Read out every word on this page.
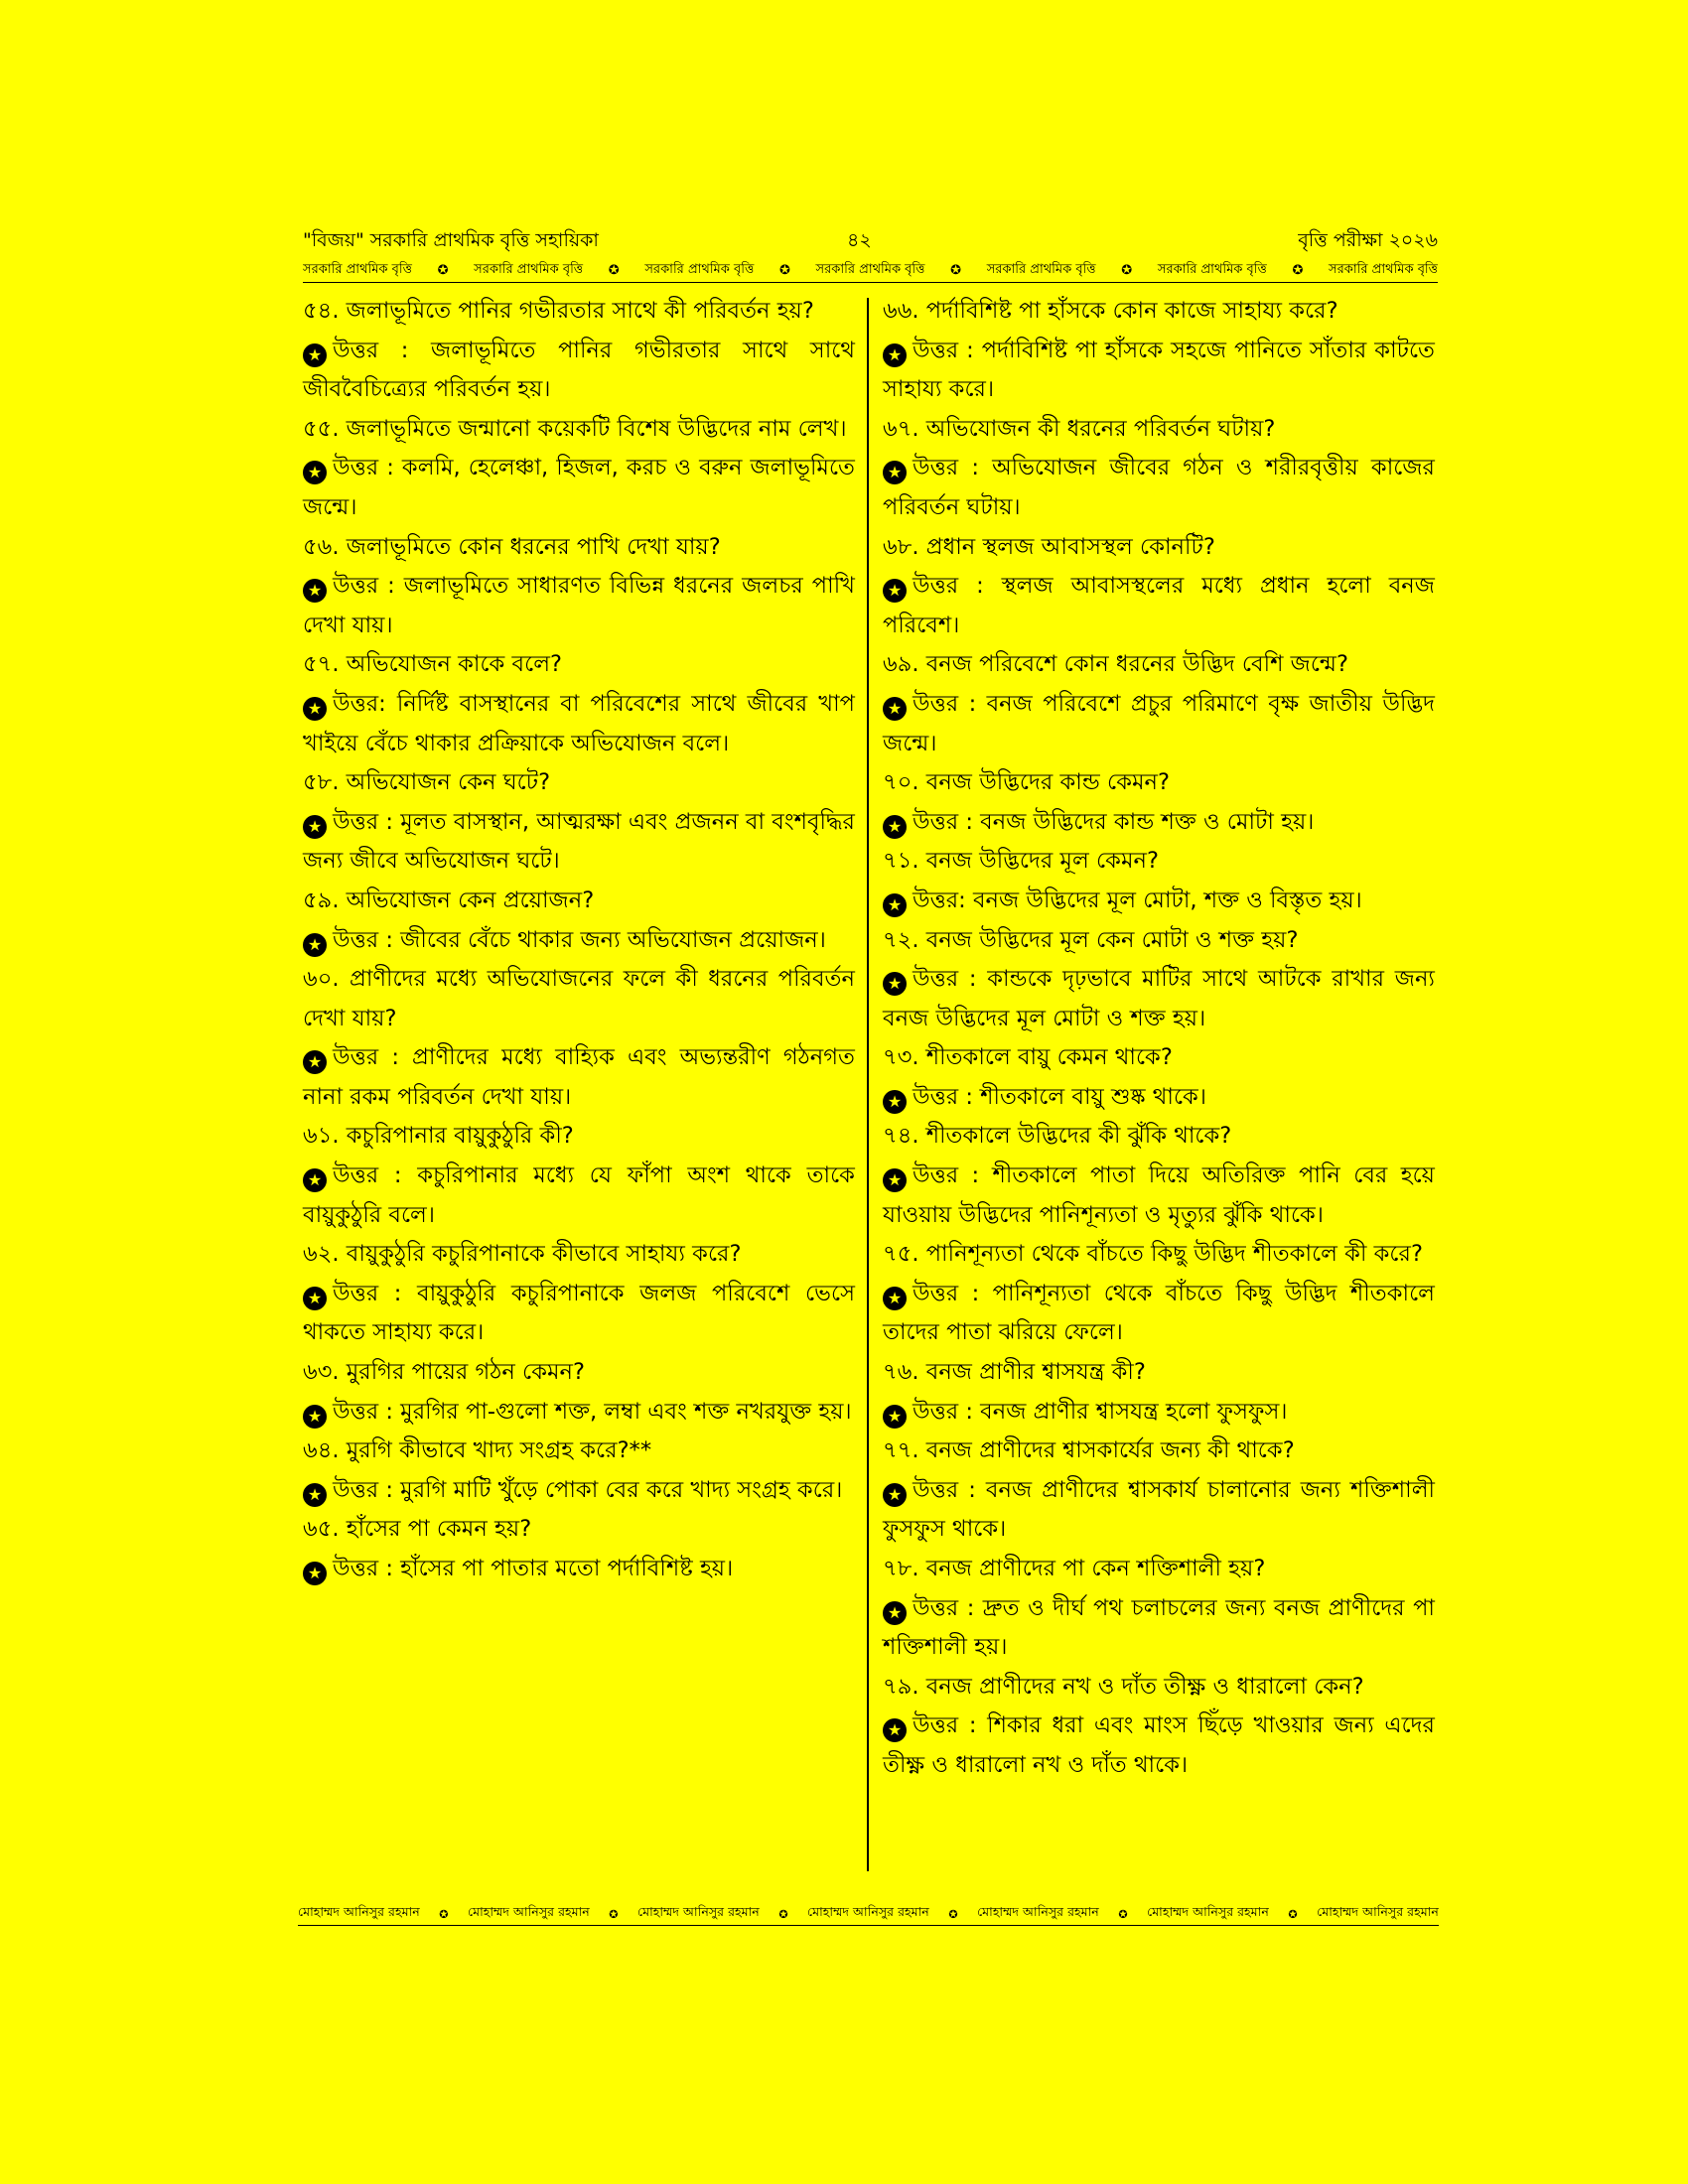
"বিজয়" সরকারি প্রাথমিক বৃত্তি সহায়িকা	৪২	বৃত্তি পরীক্ষা ২০২৬
সরকারি প্রাথমিক বৃত্তি ✪ সরকারি প্রাথমিক বৃত্তি ✪ সরকারি প্রাথমিক বৃত্তি ✪ সরকারি প্রাথমিক বৃত্তি ✪ সরকারি প্রাথমিক বৃত্তি ✪ সরকারি প্রাথমিক বৃত্তি ✪ সরকারি প্রাথমিক বৃত্তি

৫৪. জলাভূমিতে পানির গভীরতার সাথে কী পরিবর্তন হয়?

★ উত্তর : জলাভূমিতে পানির গভীরতার সাথে সাথে জীববৈচিত্র্যের পরিবর্তন হয়।

৫৫. জলাভূমিতে জন্মানো কয়েকটি বিশেষ উদ্ভিদের নাম লেখ।

★ উত্তর : কলমি, হেলেঞ্চা, হিজল, করচ ও বরুন জলাভূমিতে জন্মে।

৫৬. জলাভূমিতে কোন ধরনের পাখি দেখা যায়?

★ উত্তর : জলাভূমিতে সাধারণত বিভিন্ন ধরনের জলচর পাখি দেখা যায়।

৫৭. অভিযোজন কাকে বলে?

★ উত্তর: নির্দিষ্ট বাসস্থানের বা পরিবেশের সাথে জীবের খাপ খাইয়ে বেঁচে থাকার প্রক্রিয়াকে অভিযোজন বলে।

৫৮. অভিযোজন কেন ঘটে?

★ উত্তর : মূলত বাসস্থান, আত্মরক্ষা এবং প্রজনন বা বংশবৃদ্ধির জন্য জীবে অভিযোজন ঘটে।

৫৯. অভিযোজন কেন প্রয়োজন?

★ উত্তর : জীবের বেঁচে থাকার জন্য অভিযোজন প্রয়োজন।

৬০. প্রাণীদের মধ্যে অভিযোজনের ফলে কী ধরনের পরিবর্তন দেখা যায়?

★ উত্তর : প্রাণীদের মধ্যে বাহ্যিক এবং অভ্যন্তরীণ গঠনগত নানা রকম পরিবর্তন দেখা যায়।

৬১. কচুরিপানার বায়ুকুঠুরি কী?

★ উত্তর : কচুরিপানার মধ্যে যে ফাঁপা অংশ থাকে তাকে বায়ুকুঠুরি বলে।

৬২. বায়ুকুঠুরি কচুরিপানাকে কীভাবে সাহায্য করে?

★ উত্তর : বায়ুকুঠুরি কচুরিপানাকে জলজ পরিবেশে ভেসে থাকতে সাহায্য করে।

৬৩. মুরগির পায়ের গঠন কেমন?

★ উত্তর : মুরগির পা-গুলো শক্ত, লম্বা এবং শক্ত নখরযুক্ত হয়।

৬৪. মুরগি কীভাবে খাদ্য সংগ্রহ করে?**

★ উত্তর : মুরগি মাটি খুঁড়ে পোকা বের করে খাদ্য সংগ্রহ করে।

৬৫. হাঁসের পা কেমন হয়?

★ উত্তর : হাঁসের পা পাতার মতো পর্দাবিশিষ্ট হয়।

৬৬. পর্দাবিশিষ্ট পা হাঁসকে কোন কাজে সাহায্য করে?

★ উত্তর : পর্দাবিশিষ্ট পা হাঁসকে সহজে পানিতে সাঁতার কাটতে সাহায্য করে।

৬৭. অভিযোজন কী ধরনের পরিবর্তন ঘটায়?

★ উত্তর : অভিযোজন জীবের গঠন ও শরীরবৃত্তীয় কাজের পরিবর্তন ঘটায়।

৬৮. প্রধান স্থলজ আবাসস্থল কোনটি?

★ উত্তর : স্থলজ আবাসস্থলের মধ্যে প্রধান হলো বনজ পরিবেশ।

৬৯. বনজ পরিবেশে কোন ধরনের উদ্ভিদ বেশি জন্মে?

★ উত্তর : বনজ পরিবেশে প্রচুর পরিমাণে বৃক্ষ জাতীয় উদ্ভিদ জন্মে।

৭০. বনজ উদ্ভিদের কান্ড কেমন?

★ উত্তর : বনজ উদ্ভিদের কান্ড শক্ত ও মোটা হয়।

৭১. বনজ উদ্ভিদের মূল কেমন?

★ উত্তর: বনজ উদ্ভিদের মূল মোটা, শক্ত ও বিস্তৃত হয়।

৭২. বনজ উদ্ভিদের মূল কেন মোটা ও শক্ত হয়?

★ উত্তর : কান্ডকে দৃঢ়ভাবে মাটির সাথে আটকে রাখার জন্য বনজ উদ্ভিদের মূল মোটা ও শক্ত হয়।

৭৩. শীতকালে বায়ু কেমন থাকে?

★ উত্তর : শীতকালে বায়ু শুষ্ক থাকে।

৭৪. শীতকালে উদ্ভিদের কী ঝুঁকি থাকে?

★ উত্তর : শীতকালে পাতা দিয়ে অতিরিক্ত পানি বের হয়ে যাওয়ায় উদ্ভিদের পানিশূন্যতা ও মৃত্যুর ঝুঁকি থাকে।

৭৫. পানিশূন্যতা থেকে বাঁচতে কিছু উদ্ভিদ শীতকালে কী করে?

★ উত্তর : পানিশূন্যতা থেকে বাঁচতে কিছু উদ্ভিদ শীতকালে তাদের পাতা ঝরিয়ে ফেলে।

৭৬. বনজ প্রাণীর শ্বাসযন্ত্র কী?

★ উত্তর : বনজ প্রাণীর শ্বাসযন্ত্র হলো ফুসফুস।

৭৭. বনজ প্রাণীদের শ্বাসকার্যের জন্য কী থাকে?

★ উত্তর : বনজ প্রাণীদের শ্বাসকার্য চালানোর জন্য শক্তিশালী ফুসফুস থাকে।

৭৮. বনজ প্রাণীদের পা কেন শক্তিশালী হয়?

★ উত্তর : দ্রুত ও দীর্ঘ পথ চলাচলের জন্য বনজ প্রাণীদের পা শক্তিশালী হয়।

৭৯. বনজ প্রাণীদের নখ ও দাঁত তীক্ষ্ণ ও ধারালো কেন?

★ উত্তর : শিকার ধরা এবং মাংস ছিঁড়ে খাওয়ার জন্য এদের তীক্ষ্ণ ও ধারালো নখ ও দাঁত থাকে।

মোহাম্মদ আনিসুর রহমান ✪ মোহাম্মদ আনিসুর রহমান ✪ মোহাম্মদ আনিসুর রহমান ✪ মোহাম্মদ আনিসুর রহমান ✪ মোহাম্মদ আনিসুর রহমান ✪ মোহাম্মদ আনিসুর রহমান ✪ মোহাম্মদ আনিসুর রহমান
